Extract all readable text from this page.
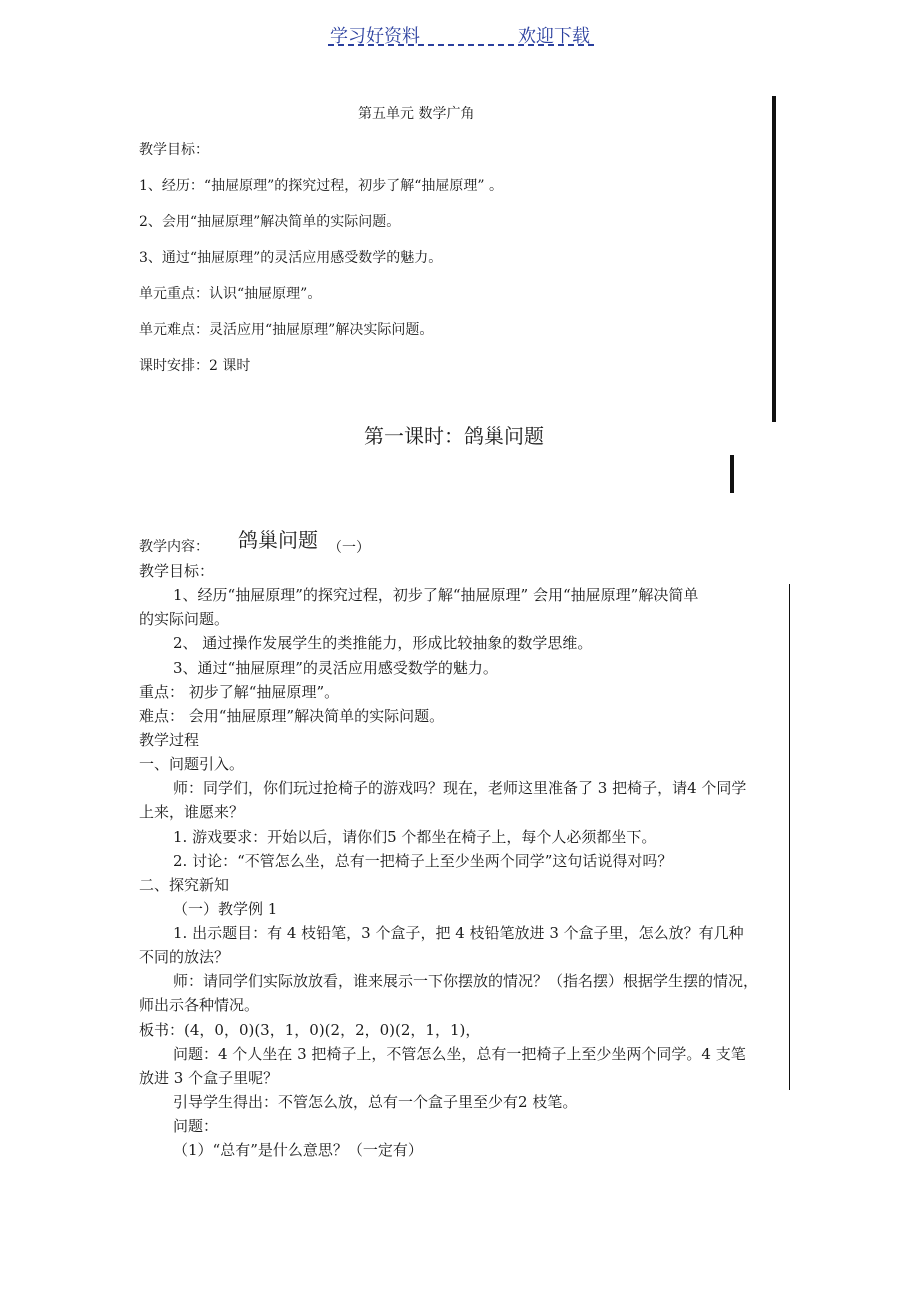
学习好资料	欢迎下载
第五单元 数学广角
教学目标：
1、经历：“抽屉原理”的探究过程，初步了解“抽屉原理” 。
2、会用“抽屉原理”解决简单的实际问题。
3、通过“抽屉原理”的灵活应用感受数学的魅力。
单元重点：认识“抽屉原理”。
单元难点：灵活应用“抽屉原理”解决实际问题。
课时安排：2 课时
第一课时：鸽巢问题
教学内容： 鸽巢问题 （一）
教学目标：
1、经历“抽屉原理”的探究过程，初步了解“抽屉原理” 会用“抽屉原理”解决简单
的实际问题。
2、 通过操作发展学生的类推能力，形成比较抽象的数学思维。
3、通过“抽屉原理”的灵活应用感受数学的魅力。
重点： 初步了解“抽屉原理”。
难点： 会用“抽屉原理”解决简单的实际问题。
教学过程
一、问题引入。
师：同学们，你们玩过抢椅子的游戏吗？现在，老师这里准备了 3 把椅子，请4 个同学
上来，谁愿来？
1. 游戏要求：开始以后，请你们5 个都坐在椅子上，每个人必须都坐下。
2. 讨论：“不管怎么坐，总有一把椅子上至少坐两个同学”这句话说得对吗？
二、探究新知
（一）教学例 1
1. 出示题目：有 4 枝铅笔，3 个盒子，把 4 枝铅笔放进 3 个盒子里，怎么放？有几种
不同的放法？
师：请同学们实际放放看，谁来展示一下你摆放的情况？（指名摆）根据学生摆的情况，
师出示各种情况。
板书：(4，0，0)(3，1，0)(2，2，0)(2，1，1)，
问题：4 个人坐在 3 把椅子上，不管怎么坐，总有一把椅子上至少坐两个同学。4 支笔
放进 3 个盒子里呢？
引导学生得出：不管怎么放，总有一个盒子里至少有2 枝笔。
问题：
（1）“总有”是什么意思？（一定有）
